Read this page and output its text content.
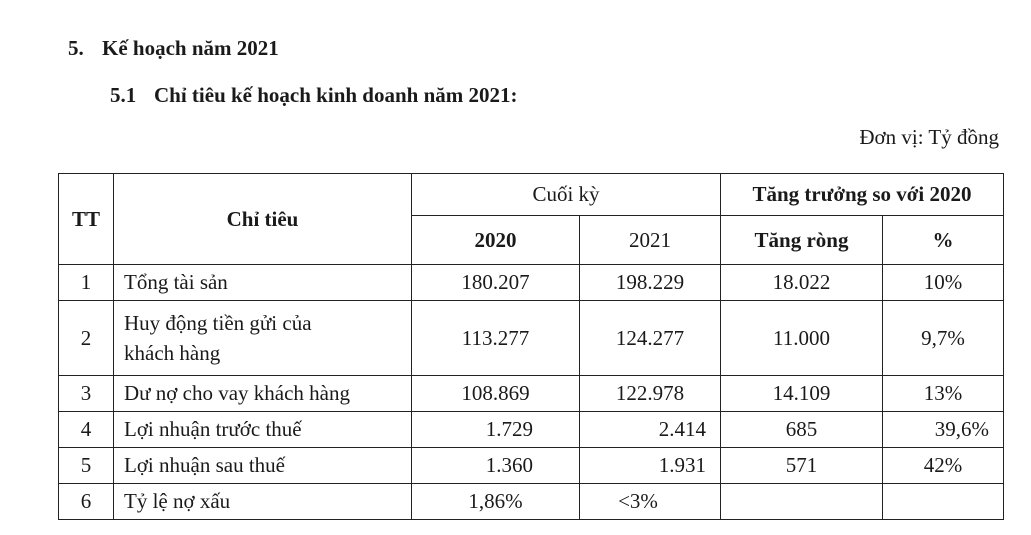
5. Kế hoạch năm 2021
5.1 Chỉ tiêu kế hoạch kinh doanh năm 2021:
Đơn vị: Tỷ đồng
TT	Chỉ tiêu	Cuối kỳ		Tăng trưởng so với 2020	
		2020	2021	Tăng ròng	%
1	Tổng tài sản	180.207	198.229	18.022	10%
2	Huy động tiền gửi của khách hàng	113.277	124.277	11.000	9,7%
3	Dư nợ cho vay khách hàng	108.869	122.978	14.109	13%
4	Lợi nhuận trước thuế	1.729	2.414	685	39,6%
5	Lợi nhuận sau thuế	1.360	1.931	571	42%
6	Tỷ lệ nợ xấu	1,86%	<3%		
